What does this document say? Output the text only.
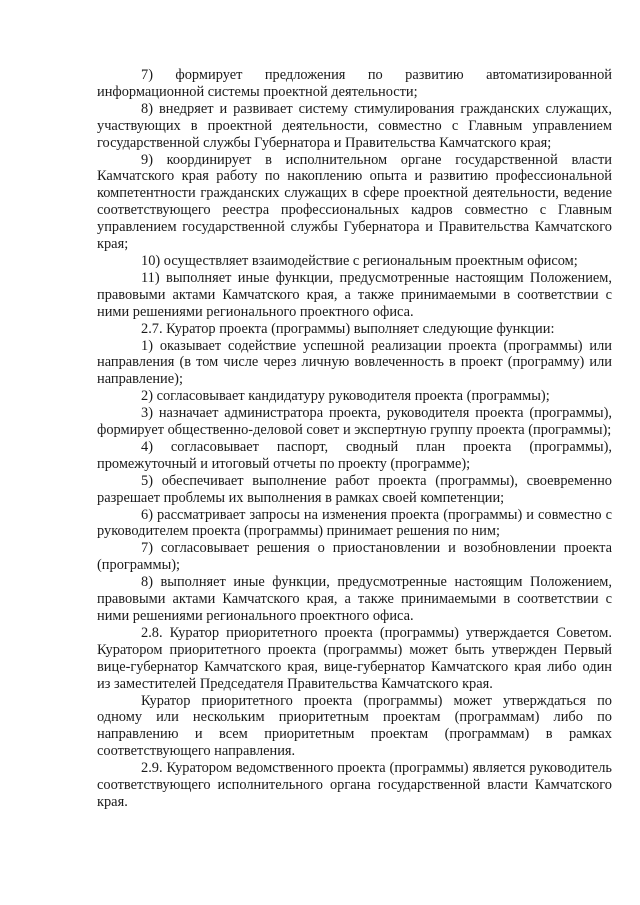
7) формирует предложения по развитию автоматизированной информационной системы проектной деятельности;

8) внедряет и развивает систему стимулирования гражданских служащих, участвующих в проектной деятельности, совместно с Главным управлением государственной службы Губернатора и Правительства Камчатского края;

9) координирует в исполнительном органе государственной власти Камчатского края работу по накоплению опыта и развитию профессиональной компетентности гражданских служащих в сфере проектной деятельности, ведение соответствующего реестра профессиональных кадров совместно с Главным управлением государственной службы Губернатора и Правительства Камчатского края;

10) осуществляет взаимодействие с региональным проектным офисом;

11) выполняет иные функции, предусмотренные настоящим Положением, правовыми актами Камчатского края, а также принимаемыми в соответствии с ними решениями регионального проектного офиса.

2.7. Куратор проекта (программы) выполняет следующие функции:

1) оказывает содействие успешной реализации проекта (программы) или направления (в том числе через личную вовлеченность в проект (программу) или направление);

2) согласовывает кандидатуру руководителя проекта (программы);

3) назначает администратора проекта, руководителя проекта (программы), формирует общественно-деловой совет и экспертную группу проекта (программы);

4) согласовывает паспорт, сводный план проекта (программы), промежуточный и итоговый отчеты по проекту (программе);

5) обеспечивает выполнение работ проекта (программы), своевременно разрешает проблемы их выполнения в рамках своей компетенции;

6) рассматривает запросы на изменения проекта (программы) и совместно с руководителем проекта (программы) принимает решения по ним;

7) согласовывает решения о приостановлении и возобновлении проекта (программы);

8) выполняет иные функции, предусмотренные настоящим Положением, правовыми актами Камчатского края, а также принимаемыми в соответствии с ними решениями регионального проектного офиса.

2.8. Куратор приоритетного проекта (программы) утверждается Советом. Куратором приоритетного проекта (программы) может быть утвержден Первый вице-губернатор Камчатского края, вице-губернатор Камчатского края либо один из заместителей Председателя Правительства Камчатского края.

Куратор приоритетного проекта (программы) может утверждаться по одному или нескольким приоритетным проектам (программам) либо по направлению и всем приоритетным проектам (программам) в рамках соответствующего направления.

2.9. Куратором ведомственного проекта (программы) является руководитель соответствующего исполнительного органа государственной власти Камчатского края.
